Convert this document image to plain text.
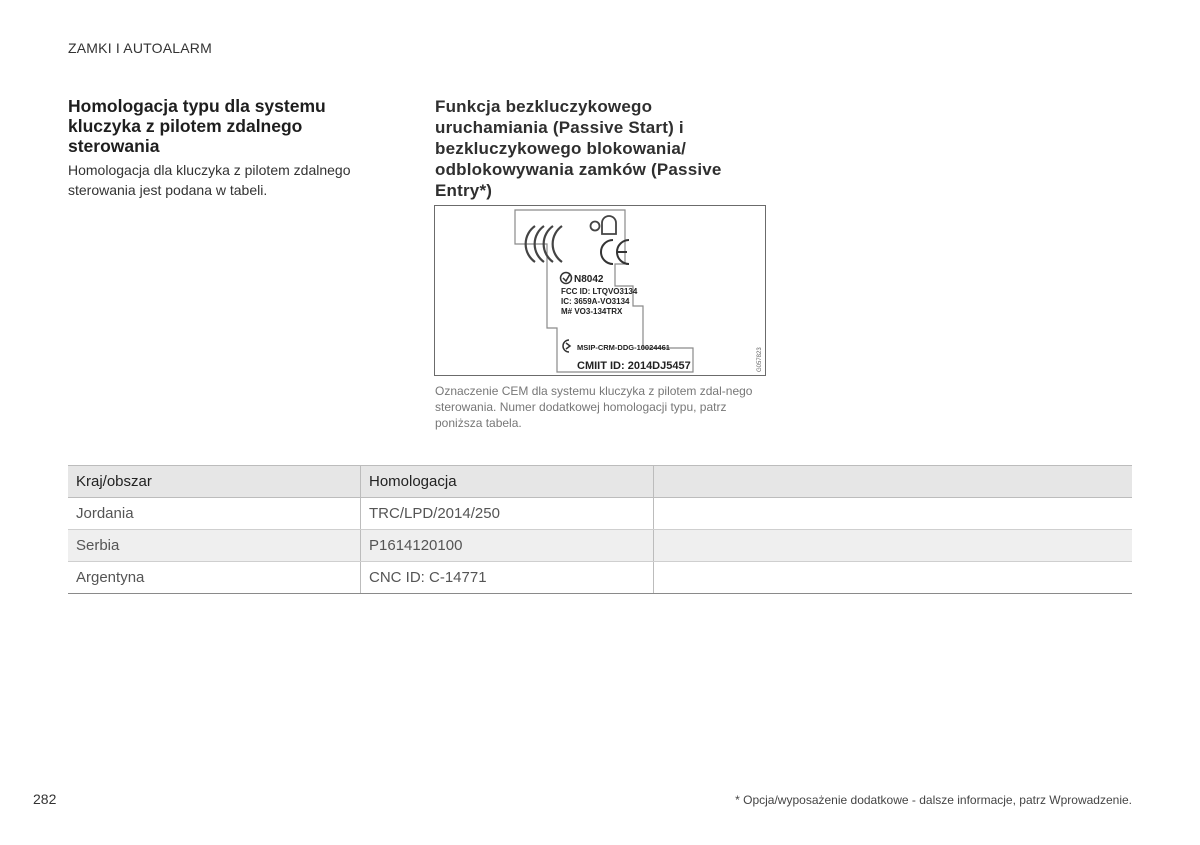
ZAMKI I AUTOALARM
Homologacja typu dla systemu kluczyka z pilotem zdalnego sterowania
Homologacja dla kluczyka z pilotem zdalnego sterowania jest podana w tabeli.
Funkcja bezkluczykowego uruchamiania (Passive Start) i bezkluczykowego blokowania/ odblokowywania zamków (Passive Entry*)
N8042
FCC ID: LTQVO3134
IC: 3659A-VO3134
M# VO3-134TRX
MSIP-CRM-DDG-10024461
CMIIT ID: 2014DJ5457	G057823
Oznaczenie CEM dla systemu kluczyka z pilotem zdal-nego sterowania. Numer dodatkowej homologacji typu, patrz poniższa tabela.
Kraj/obszar	Homologacja	
Jordania	TRC/LPD/2014/250	
Serbia	P1614120100	
Argentyna	CNC ID: C-14771	
282	* Opcja/wyposażenie dodatkowe - dalsze informacje, patrz Wprowadzenie.
